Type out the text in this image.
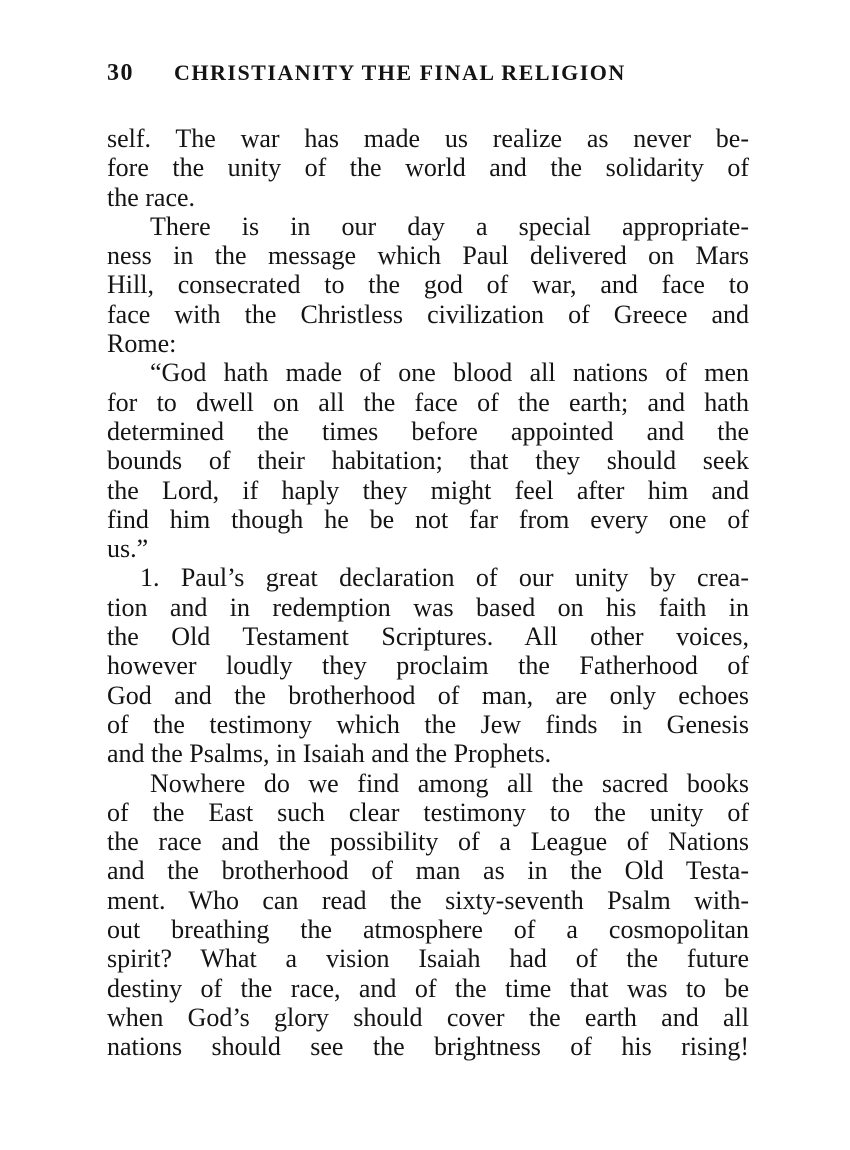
30 CHRISTIANITY THE FINAL RELIGION

self. The war has made us realize as never be-
fore the unity of the world and the solidarity of
the race.

There is in our day a special appropriate-
ness in the message which Paul delivered on Mars
Hill, consecrated to the god of war, and face to
face with the Christless civilization of Greece and
Rome:

“God hath made of one blood all nations of men
for to dwell on all the face of the earth; and hath
determined the times before appointed and the
bounds of their habitation; that they should seek
the Lord, if haply they might feel after him and
find him though he be not far from every one of
us.”

1. Paul’s great declaration of our unity by crea-
tion and in redemption was based on his faith in
the Old Testament Scriptures. All other voices,
however loudly they proclaim the Fatherhood of
God and the brotherhood of man, are only echoes
of the testimony which the Jew finds in Genesis
and the Psalms, in Isaiah and the Prophets.

Nowhere do we find among all the sacred books
of the East such clear testimony to the unity of
the race and the possibility of a League of Nations
and the brotherhood of man as in the Old Testa-
ment. Who can read the sixty-seventh Psalm with-
out breathing the atmosphere of a cosmopolitan
spirit? What a vision Isaiah had of the future
destiny of the race, and of the time that was to be
when God’s glory should cover the earth and all
nations should see the brightness of his rising!
